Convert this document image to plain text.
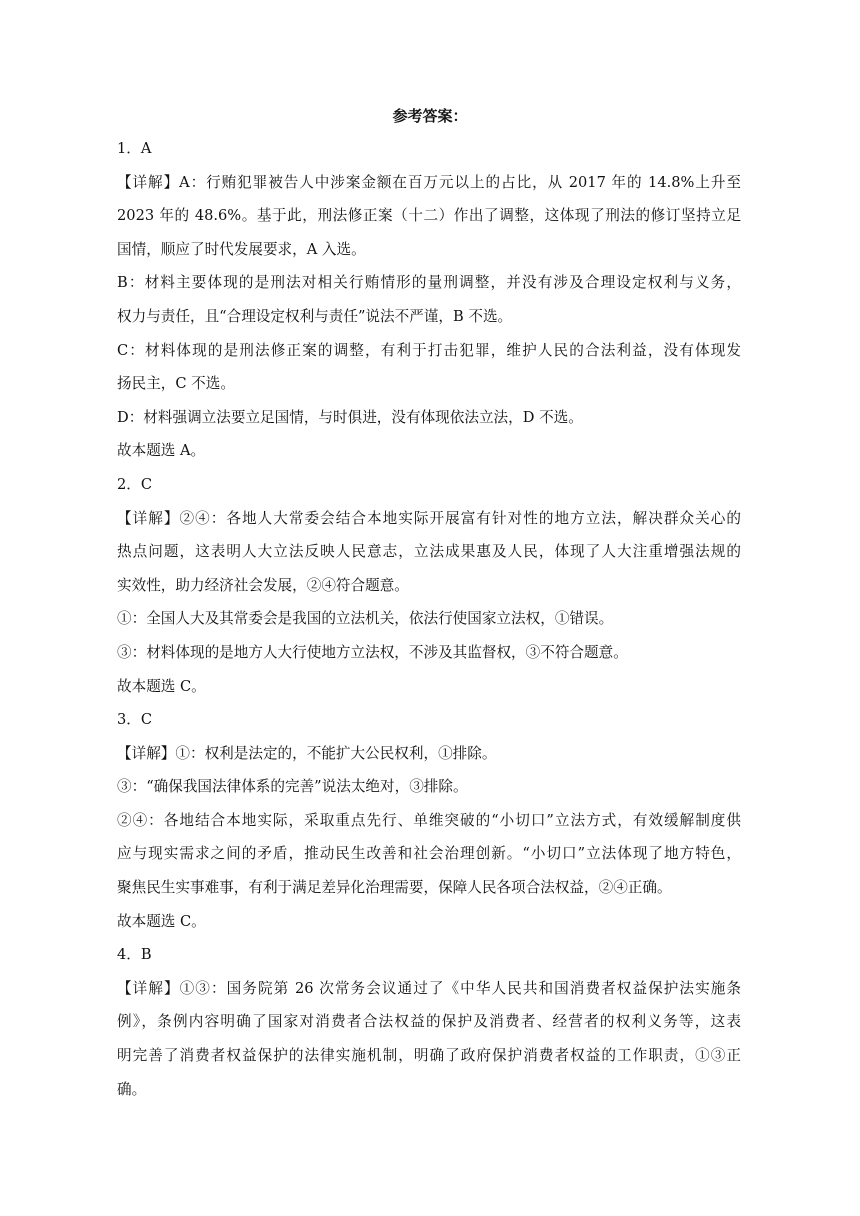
参考答案：
1．A
【详解】A：行贿犯罪被告人中涉案金额在百万元以上的占比，从 2017 年的 14.8%上升至
2023 年的 48.6%。基于此，刑法修正案（十二）作出了调整，这体现了刑法的修订坚持立足
国情，顺应了时代发展要求，A 入选。
B：材料主要体现的是刑法对相关行贿情形的量刑调整，并没有涉及合理设定权利与义务，
权力与责任，且“合理设定权利与责任”说法不严谨，B 不选。
C：材料体现的是刑法修正案的调整，有利于打击犯罪，维护人民的合法利益，没有体现发
扬民主，C 不选。
D：材料强调立法要立足国情，与时俱进，没有体现依法立法，D 不选。
故本题选 A。
2．C
【详解】②④：各地人大常委会结合本地实际开展富有针对性的地方立法，解决群众关心的
热点问题，这表明人大立法反映人民意志，立法成果惠及人民，体现了人大注重增强法规的
实效性，助力经济社会发展，②④符合题意。
①：全国人大及其常委会是我国的立法机关，依法行使国家立法权，①错误。
③：材料体现的是地方人大行使地方立法权，不涉及其监督权，③不符合题意。
故本题选 C。
3．C
【详解】①：权利是法定的，不能扩大公民权利，①排除。
③：“确保我国法律体系的完善”说法太绝对，③排除。
②④：各地结合本地实际，采取重点先行、单维突破的“小切口”立法方式，有效缓解制度供
应与现实需求之间的矛盾，推动民生改善和社会治理创新。“小切口”立法体现了地方特色，
聚焦民生实事难事，有利于满足差异化治理需要，保障人民各项合法权益，②④正确。
故本题选 C。
4．B
【详解】①③：国务院第 26 次常务会议通过了《中华人民共和国消费者权益保护法实施条
例》，条例内容明确了国家对消费者合法权益的保护及消费者、经营者的权利义务等，这表
明完善了消费者权益保护的法律实施机制，明确了政府保护消费者权益的工作职责，①③正
确。
